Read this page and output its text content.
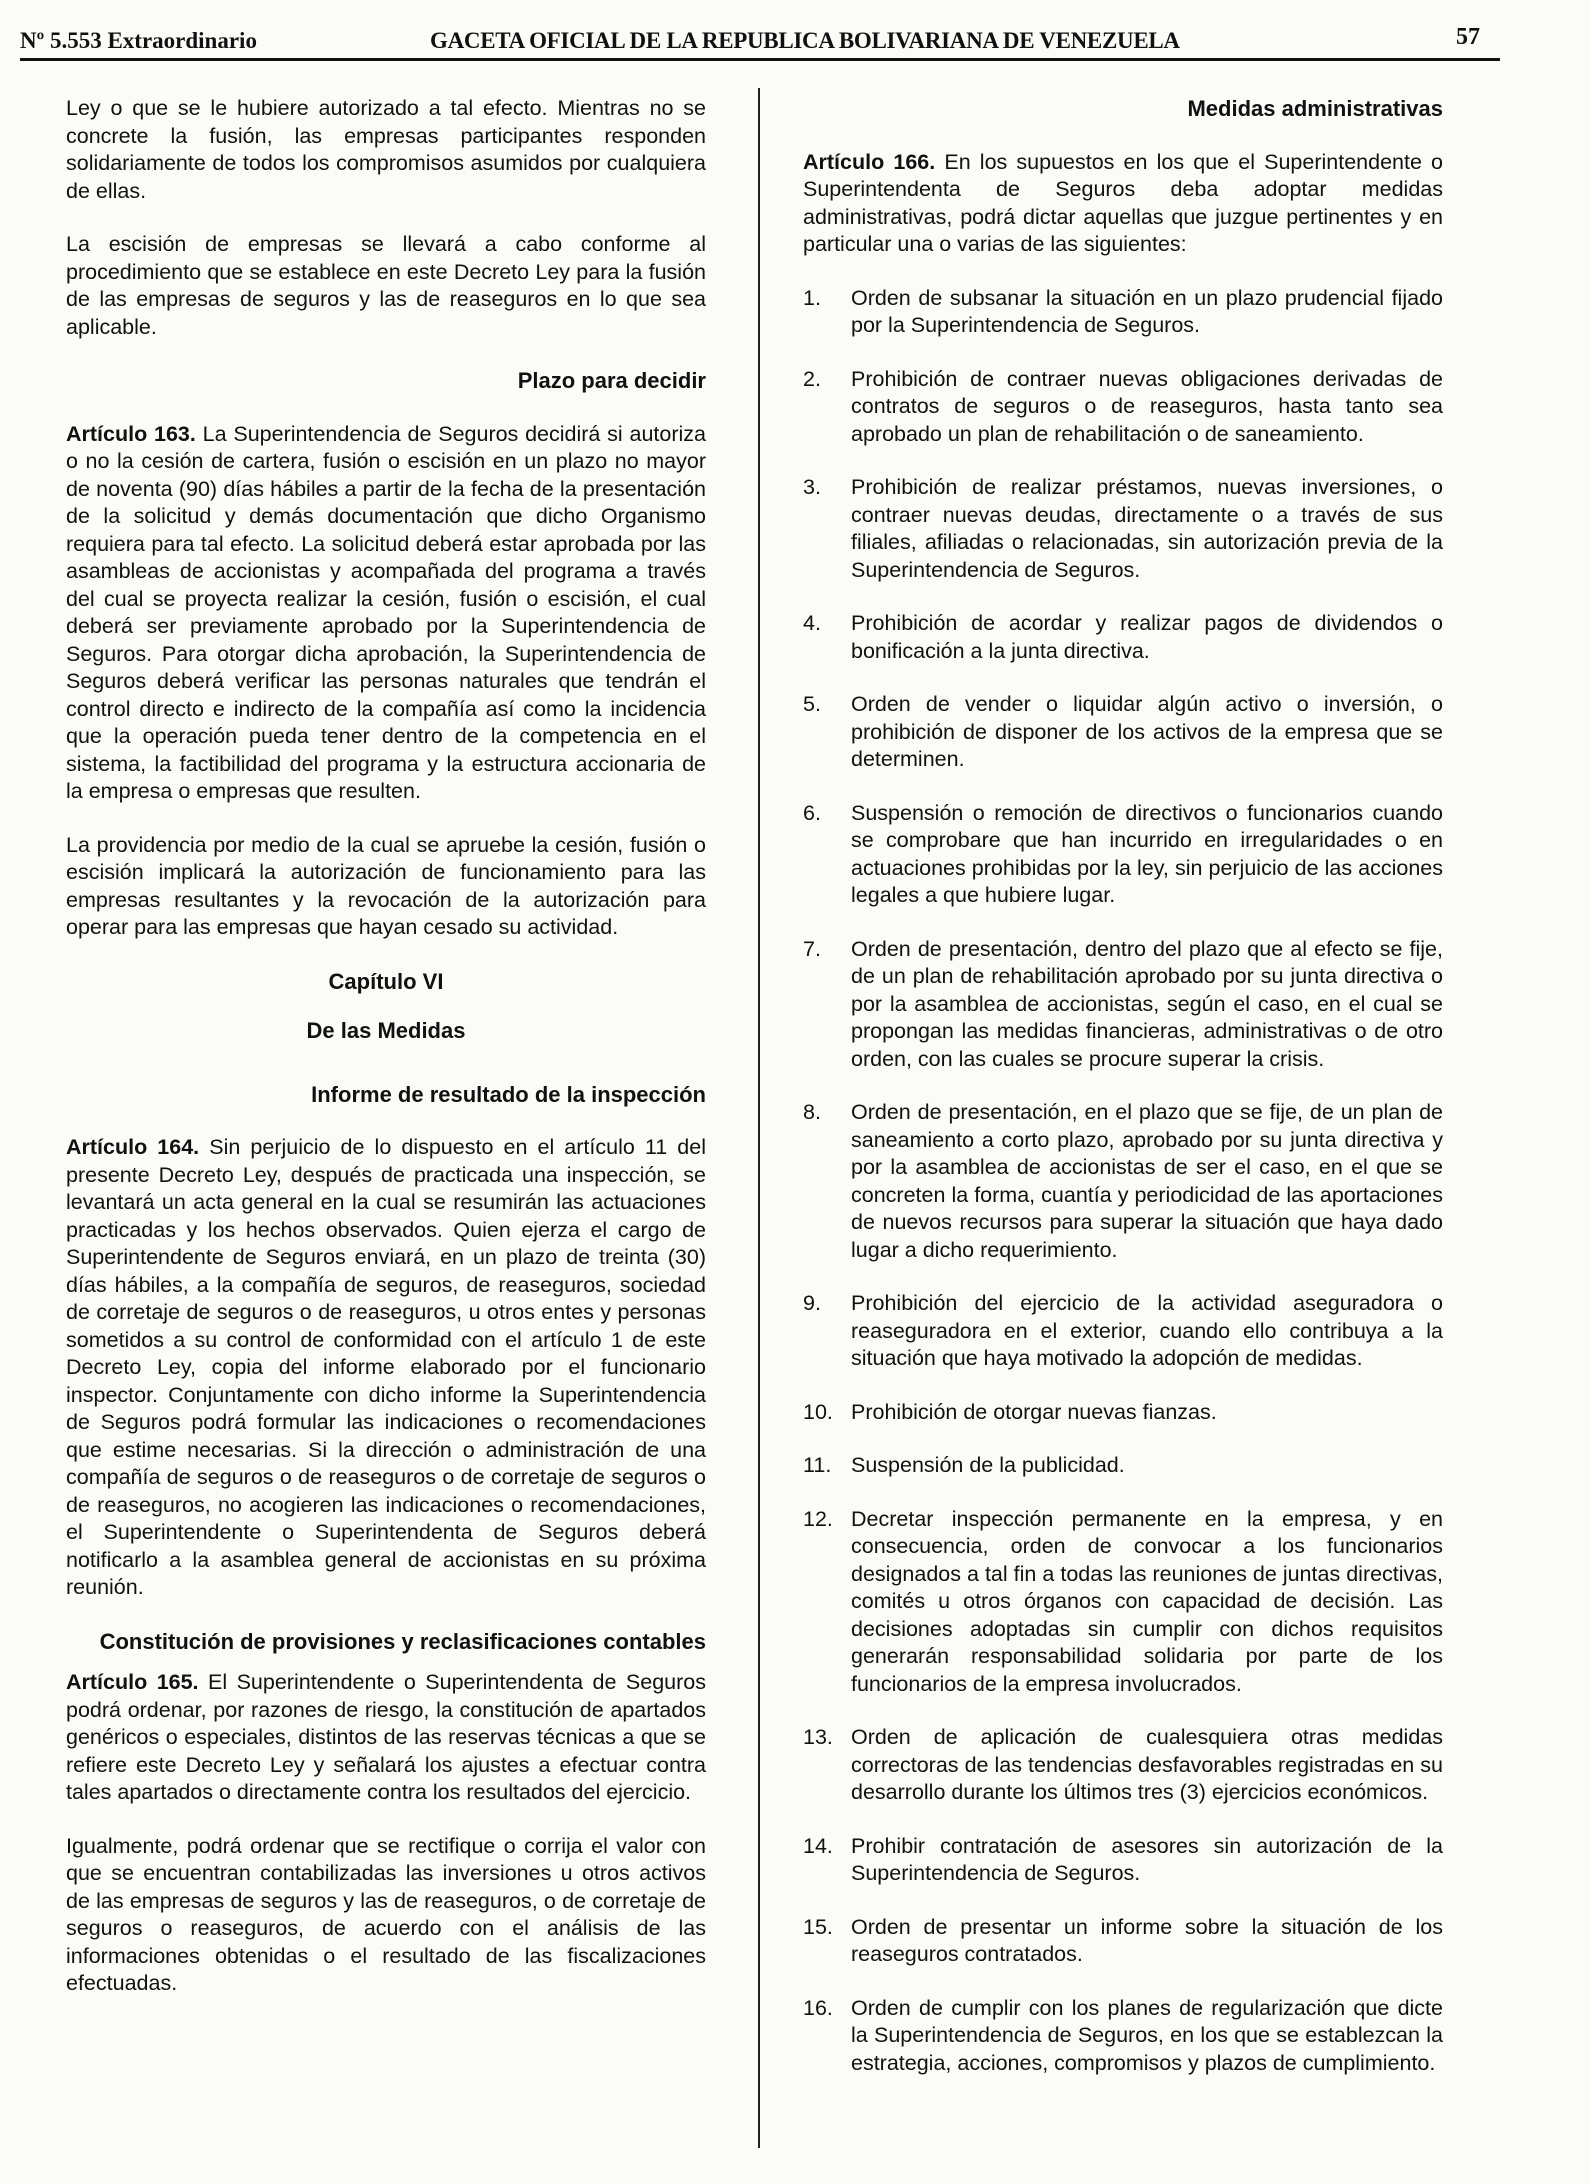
Nº 5.553 Extraordinario	GACETA OFICIAL DE LA REPUBLICA BOLIVARIANA DE VENEZUELA	57

Ley o que se le hubiere autorizado a tal efecto. Mientras no se concrete la fusión, las empresas participantes responden solidariamente de todos los compromisos asumidos por cualquiera de ellas.

La escisión de empresas se llevará a cabo conforme al procedimiento que se establece en este Decreto Ley para la fusión de las empresas de seguros y las de reaseguros en lo que sea aplicable.

Plazo para decidir

Artículo 163. La Superintendencia de Seguros decidirá si autoriza o no la cesión de cartera, fusión o escisión en un plazo no mayor de noventa (90) días hábiles a partir de la fecha de la presentación de la solicitud y demás documentación que dicho Organismo requiera para tal efecto. La solicitud deberá estar aprobada por las asambleas de accionistas y acompañada del programa a través del cual se proyecta realizar la cesión, fusión o escisión, el cual deberá ser previamente aprobado por la Superintendencia de Seguros. Para otorgar dicha aprobación, la Superintendencia de Seguros deberá verificar las personas naturales que tendrán el control directo e indirecto de la compañía así como la incidencia que la operación pueda tener dentro de la competencia en el sistema, la factibilidad del programa y la estructura accionaria de la empresa o empresas que resulten.

La providencia por medio de la cual se apruebe la cesión, fusión o escisión implicará la autorización de funcionamiento para las empresas resultantes y la revocación de la autorización para operar para las empresas que hayan cesado su actividad.

Capítulo VI
De las Medidas
Informe de resultado de la inspección

Artículo 164. Sin perjuicio de lo dispuesto en el artículo 11 del presente Decreto Ley, después de practicada una inspección, se levantará un acta general en la cual se resumirán las actuaciones practicadas y los hechos observados. Quien ejerza el cargo de Superintendente de Seguros enviará, en un plazo de treinta (30) días hábiles, a la compañía de seguros, de reaseguros, sociedad de corretaje de seguros o de reaseguros, u otros entes y personas sometidos a su control de conformidad con el artículo 1 de este Decreto Ley, copia del informe elaborado por el funcionario inspector. Conjuntamente con dicho informe la Superintendencia de Seguros podrá formular las indicaciones o recomendaciones que estime necesarias. Si la dirección o administración de una compañía de seguros o de reaseguros o de corretaje de seguros o de reaseguros, no acogieren las indicaciones o recomendaciones, el Superintendente o Superintendenta de Seguros deberá notificarlo a la asamblea general de accionistas en su próxima reunión.

Constitución de provisiones y reclasificaciones contables

Artículo 165. El Superintendente o Superintendenta de Seguros podrá ordenar, por razones de riesgo, la constitución de apartados genéricos o especiales, distintos de las reservas técnicas a que se refiere este Decreto Ley y señalará los ajustes a efectuar contra tales apartados o directamente contra los resultados del ejercicio.

Igualmente, podrá ordenar que se rectifique o corrija el valor con que se encuentran contabilizadas las inversiones u otros activos de las empresas de seguros y las de reaseguros, o de corretaje de seguros o reaseguros, de acuerdo con el análisis de las informaciones obtenidas o el resultado de las fiscalizaciones efectuadas.

Medidas administrativas

Artículo 166. En los supuestos en los que el Superintendente o Superintendenta de Seguros deba adoptar medidas administrativas, podrá dictar aquellas que juzgue pertinentes y en particular una o varias de las siguientes:

1. Orden de subsanar la situación en un plazo prudencial fijado por la Superintendencia de Seguros.
2. Prohibición de contraer nuevas obligaciones derivadas de contratos de seguros o de reaseguros, hasta tanto sea aprobado un plan de rehabilitación o de saneamiento.
3. Prohibición de realizar préstamos, nuevas inversiones, o contraer nuevas deudas, directamente o a través de sus filiales, afiliadas o relacionadas, sin autorización previa de la Superintendencia de Seguros.
4. Prohibición de acordar y realizar pagos de dividendos o bonificación a la junta directiva.
5. Orden de vender o liquidar algún activo o inversión, o prohibición de disponer de los activos de la empresa que se determinen.
6. Suspensión o remoción de directivos o funcionarios cuando se comprobare que han incurrido en irregularidades o en actuaciones prohibidas por la ley, sin perjuicio de las acciones legales a que hubiere lugar.
7. Orden de presentación, dentro del plazo que al efecto se fije, de un plan de rehabilitación aprobado por su junta directiva o por la asamblea de accionistas, según el caso, en el cual se propongan las medidas financieras, administrativas o de otro orden, con las cuales se procure superar la crisis.
8. Orden de presentación, en el plazo que se fije, de un plan de saneamiento a corto plazo, aprobado por su junta directiva y por la asamblea de accionistas de ser el caso, en el que se concreten la forma, cuantía y periodicidad de las aportaciones de nuevos recursos para superar la situación que haya dado lugar a dicho requerimiento.
9. Prohibición del ejercicio de la actividad aseguradora o reaseguradora en el exterior, cuando ello contribuya a la situación que haya motivado la adopción de medidas.
10. Prohibición de otorgar nuevas fianzas.
11. Suspensión de la publicidad.
12. Decretar inspección permanente en la empresa, y en consecuencia, orden de convocar a los funcionarios designados a tal fin a todas las reuniones de juntas directivas, comités u otros órganos con capacidad de decisión. Las decisiones adoptadas sin cumplir con dichos requisitos generarán responsabilidad solidaria por parte de los funcionarios de la empresa involucrados.
13. Orden de aplicación de cualesquiera otras medidas correctoras de las tendencias desfavorables registradas en su desarrollo durante los últimos tres (3) ejercicios económicos.
14. Prohibir contratación de asesores sin autorización de la Superintendencia de Seguros.
15. Orden de presentar un informe sobre la situación de los reaseguros contratados.
16. Orden de cumplir con los planes de regularización que dicte la Superintendencia de Seguros, en los que se establezcan la estrategia, acciones, compromisos y plazos de cumplimiento.
